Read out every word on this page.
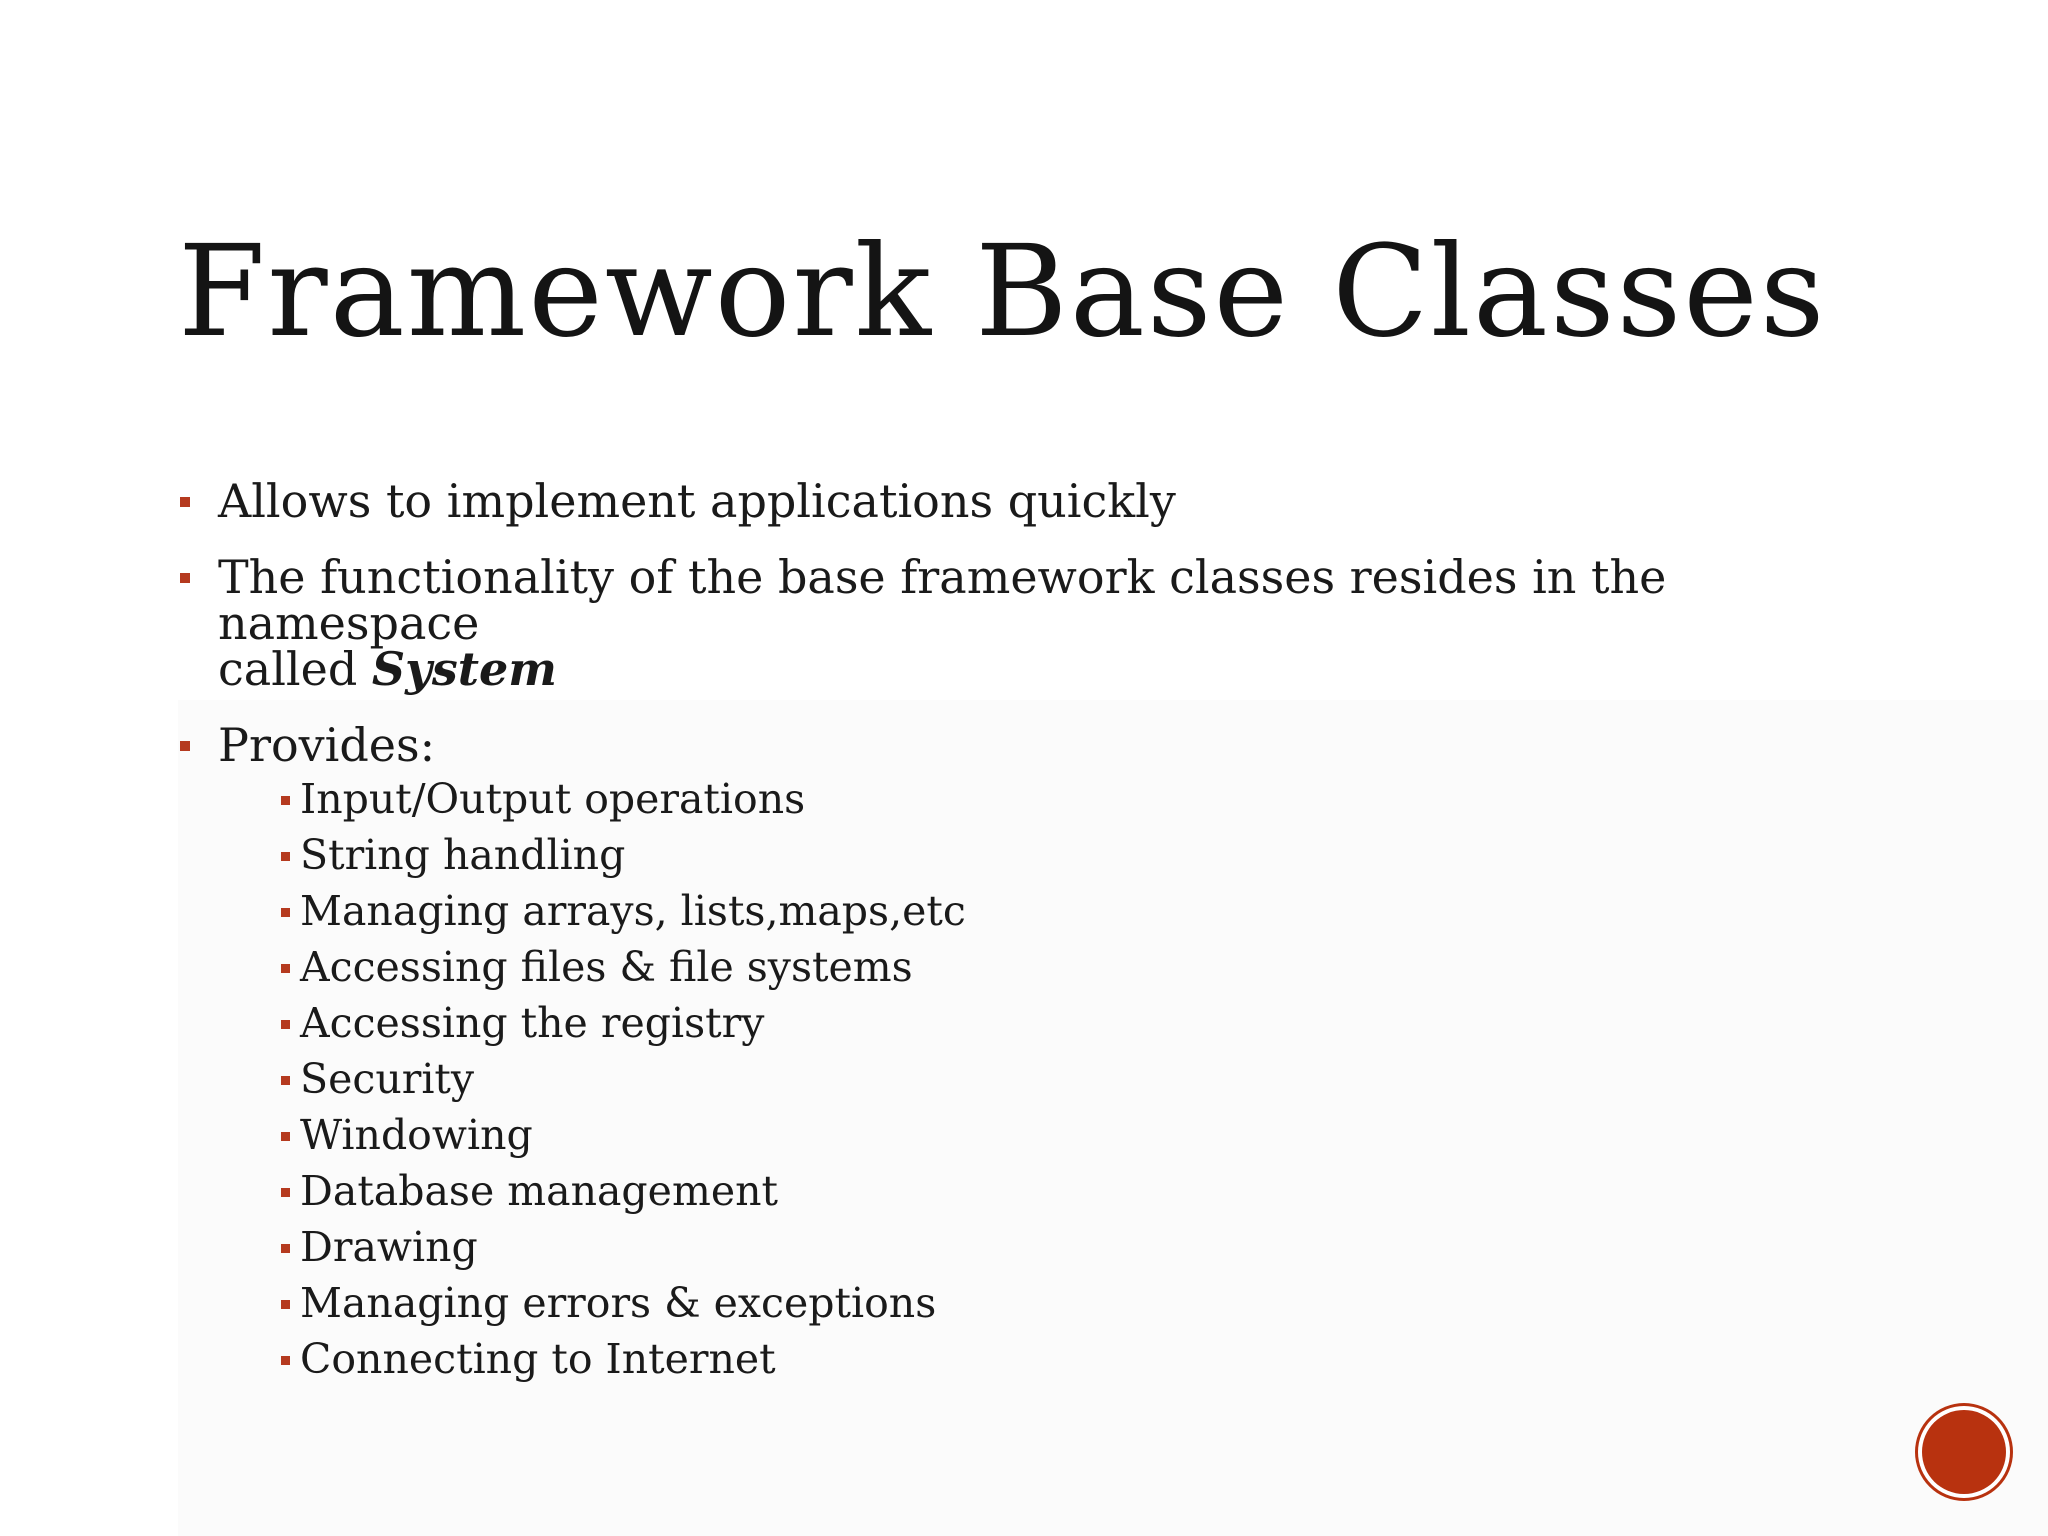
Framework Base Classes
Allows to implement applications quickly
The functionality of the base framework classes resides in the namespace
called System
Provides:
Input/Output operations
String handling
Managing arrays, lists,maps,etc
Accessing files & file systems
Accessing the registry
Security
Windowing
Database management
Drawing
Managing errors & exceptions
Connecting to Internet
